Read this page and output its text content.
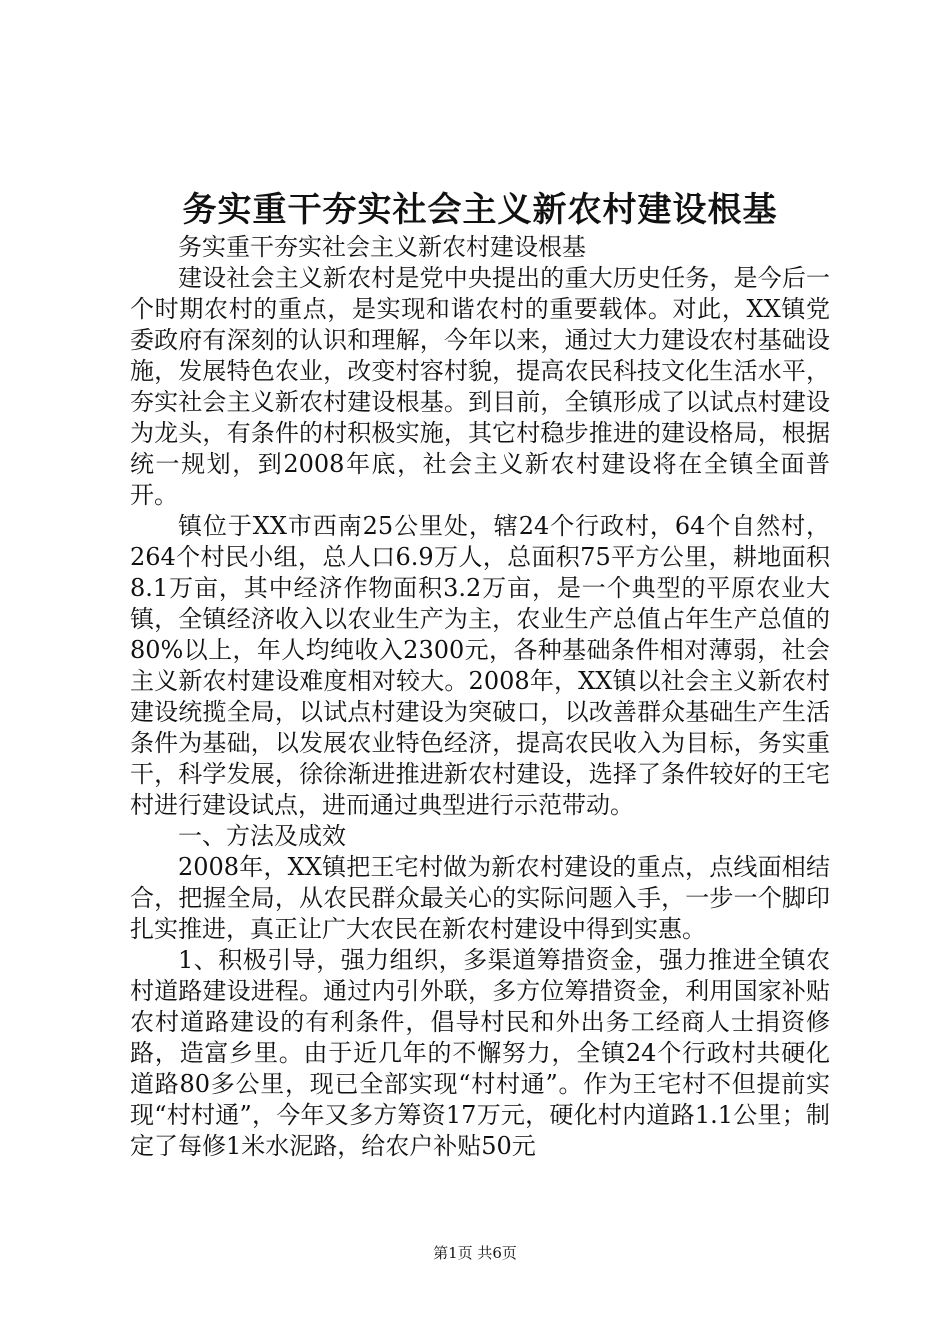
务实重干夯实社会主义新农村建设根基

务实重干夯实社会主义新农村建设根基

建设社会主义新农村是党中央提出的重大历史任务，是今后一个时期农村的重点，是实现和谐农村的重要载体。对此，XX镇党委政府有深刻的认识和理解，今年以来，通过大力建设农村基础设施，发展特色农业，改变村容村貌，提高农民科技文化生活水平，夯实社会主义新农村建设根基。到目前，全镇形成了以试点村建设为龙头，有条件的村积极实施，其它村稳步推进的建设格局，根据统一规划，到2008年底，社会主义新农村建设将在全镇全面普开。

镇位于XX市西南25公里处，辖24个行政村，64个自然村，264个村民小组，总人口6.9万人，总面积75平方公里，耕地面积8.1万亩，其中经济作物面积3.2万亩，是一个典型的平原农业大镇，全镇经济收入以农业生产为主，农业生产总值占年生产总值的80%以上，年人均纯收入2300元，各种基础条件相对薄弱，社会主义新农村建设难度相对较大。2008年，XX镇以社会主义新农村建设统揽全局，以试点村建设为突破口，以改善群众基础生产生活条件为基础，以发展农业特色经济，提高农民收入为目标，务实重干，科学发展，徐徐渐进推进新农村建设，选择了条件较好的王宅村进行建设试点，进而通过典型进行示范带动。

一、方法及成效

2008年，XX镇把王宅村做为新农村建设的重点，点线面相结合，把握全局，从农民群众最关心的实际问题入手，一步一个脚印扎实推进，真正让广大农民在新农村建设中得到实惠。

1、积极引导，强力组织，多渠道筹措资金，强力推进全镇农村道路建设进程。通过内引外联，多方位筹措资金，利用国家补贴农村道路建设的有利条件，倡导村民和外出务工经商人士捐资修路，造富乡里。由于近几年的不懈努力，全镇24个行政村共硬化道路80多公里，现已全部实现“村村通”。作为王宅村不但提前实现“村村通”，今年又多方筹资17万元，硬化村内道路1.1公里；制定了每修1米水泥路，给农户补贴50元

第1页 共6页
